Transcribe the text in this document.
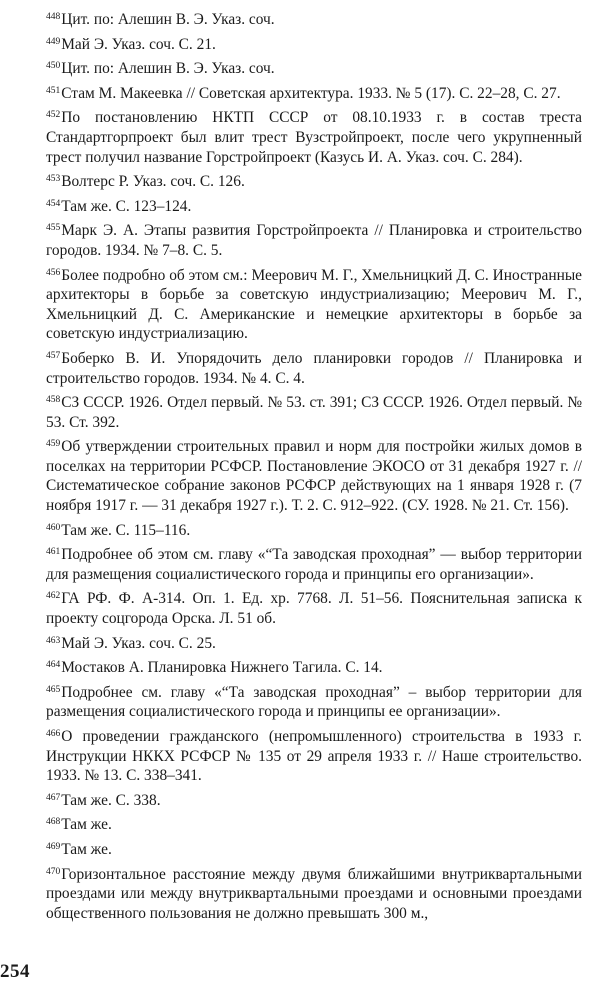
$^{448}$Цит. по: Алешин В. Э. Указ. соч.

$^{449}$Май Э. Указ. соч. С. 21.

$^{450}$Цит. по: Алешин В. Э. Указ. соч.

$^{451}$Стам М. Макеевка // Советская архитектура. 1933. № 5 (17). С. 22–28, С. 27.

$^{452}$По постановлению НКТП СССР от 08.10.1933 г. в состав треста Стандартгорпроект был влит трест Вузстройпроект, после чего укрупненный трест получил название Горстройпроект (Казусь И. А. Указ. соч. С. 284).

$^{453}$Волтерс Р. Указ. соч. С. 126.

$^{454}$Там же. С. 123–124.

$^{455}$Марк Э. А. Этапы развития Горстройпроекта // Планировка и строительство городов. 1934. № 7–8. С. 5.

$^{456}$Более подробно об этом см.: Меерович М. Г., Хмельницкий Д. С. Иностранные архитекторы в борьбе за советскую индустриализацию; Меерович М. Г., Хмельницкий Д. С. Американские и немецкие архитекторы в борьбе за советскую индустриализацию.

$^{457}$Боберко В. И. Упорядочить дело планировки городов // Планировка и строительство городов. 1934. № 4. С. 4.

$^{458}$СЗ СССР. 1926. Отдел первый. № 53. ст. 391; СЗ СССР. 1926. Отдел первый. № 53. Ст. 392.

$^{459}$Об утверждении строительных правил и норм для постройки жилых домов в поселках на территории РСФСР. Постановление ЭКОСО от 31 декабря 1927 г. // Систематическое собрание законов РСФСР действующих на 1 января 1928 г. (7 ноября 1917 г. — 31 декабря 1927 г.). Т. 2. С. 912–922. (СУ. 1928. № 21. Ст. 156).

$^{460}$Там же. С. 115–116.

$^{461}$Подробнее об этом см. главу «“Та заводская проходная” — выбор территории для размещения социалистического города и принципы его организации».

$^{462}$ГА РФ. Ф. А-314. Оп. 1. Ед. хр. 7768. Л. 51–56. Пояснительная записка к проекту соцгорода Орска. Л. 51 об.

$^{463}$Май Э. Указ. соч. С. 25.

$^{464}$Мостаков А. Планировка Нижнего Тагила. С. 14.

$^{465}$Подробнее см. главу «“Та заводская проходная” – выбор территории для размещения социалистического города и принципы ее организации».

$^{466}$О проведении гражданского (непромышленного) строительства в 1933 г. Инструкции НККХ РСФСР № 135 от 29 апреля 1933 г. // Наше строительство. 1933. № 13. С. 338–341.

$^{467}$Там же. С. 338.

$^{468}$Там же.

$^{469}$Там же.

$^{470}$Горизонтальное расстояние между двумя ближайшими внутриквартальными проездами или между внутриквартальными проездами и основными проездами общественного пользования не должно превышать 300 м.,

254
